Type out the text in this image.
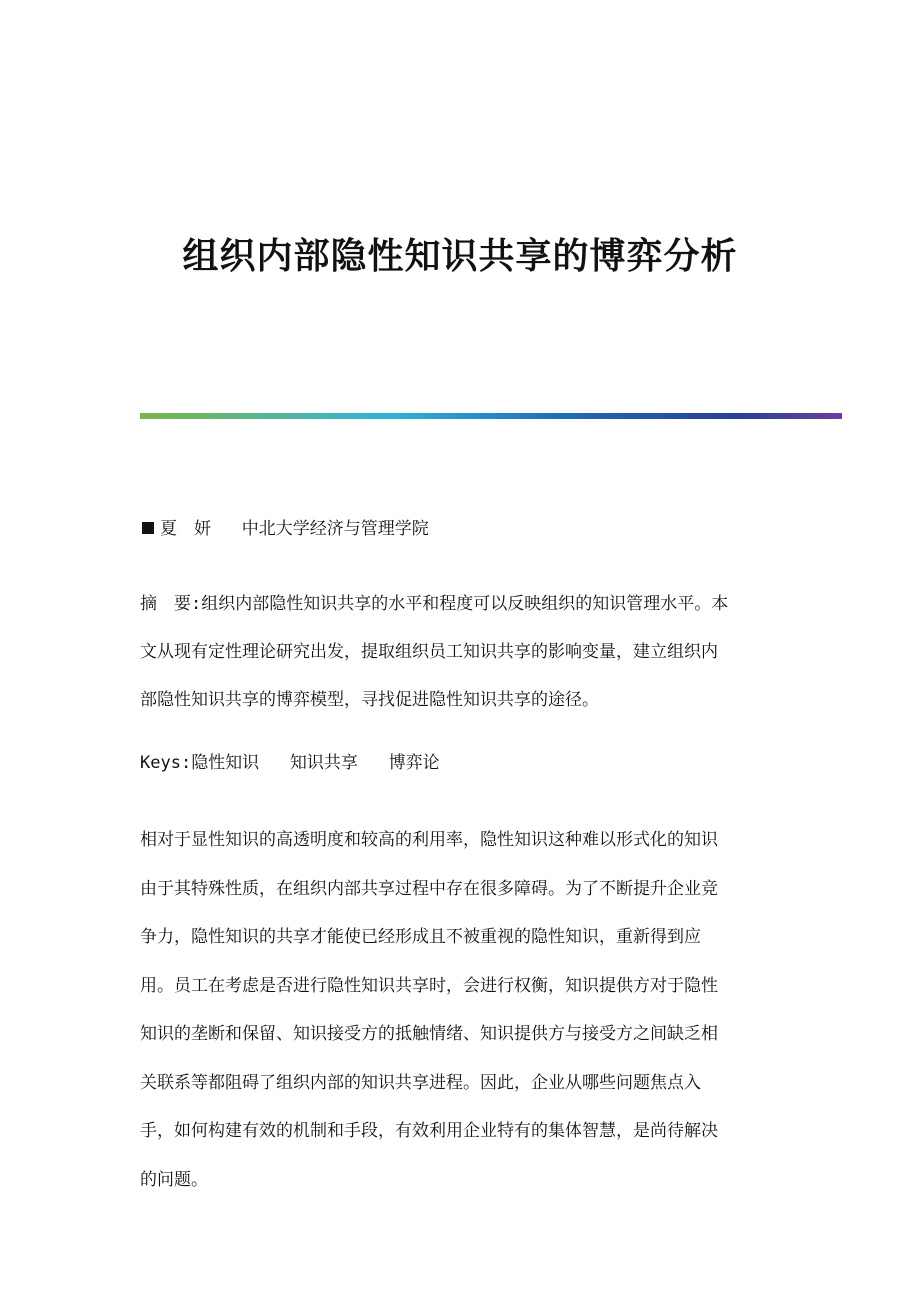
组织内部隐性知识共享的博弈分析
夏　妍 中北大学经济与管理学院
摘　要:组织内部隐性知识共享的水平和程度可以反映组织的知识管理水平。本
文从现有定性理论研究出发，提取组织员工知识共享的影响变量，建立组织内
部隐性知识共享的博弈模型，寻找促进隐性知识共享的途径。
Keys:隐性知识 知识共享 博弈论
相对于显性知识的高透明度和较高的利用率，隐性知识这种难以形式化的知识
由于其特殊性质，在组织内部共享过程中存在很多障碍。为了不断提升企业竞
争力，隐性知识的共享才能使已经形成且不被重视的隐性知识，重新得到应
用。员工在考虑是否进行隐性知识共享时，会进行权衡，知识提供方对于隐性
知识的垄断和保留、知识接受方的抵触情绪、知识提供方与接受方之间缺乏相
关联系等都阻碍了组织内部的知识共享进程。因此，企业从哪些问题焦点入
手，如何构建有效的机制和手段，有效利用企业特有的集体智慧，是尚待解决
的问题。
